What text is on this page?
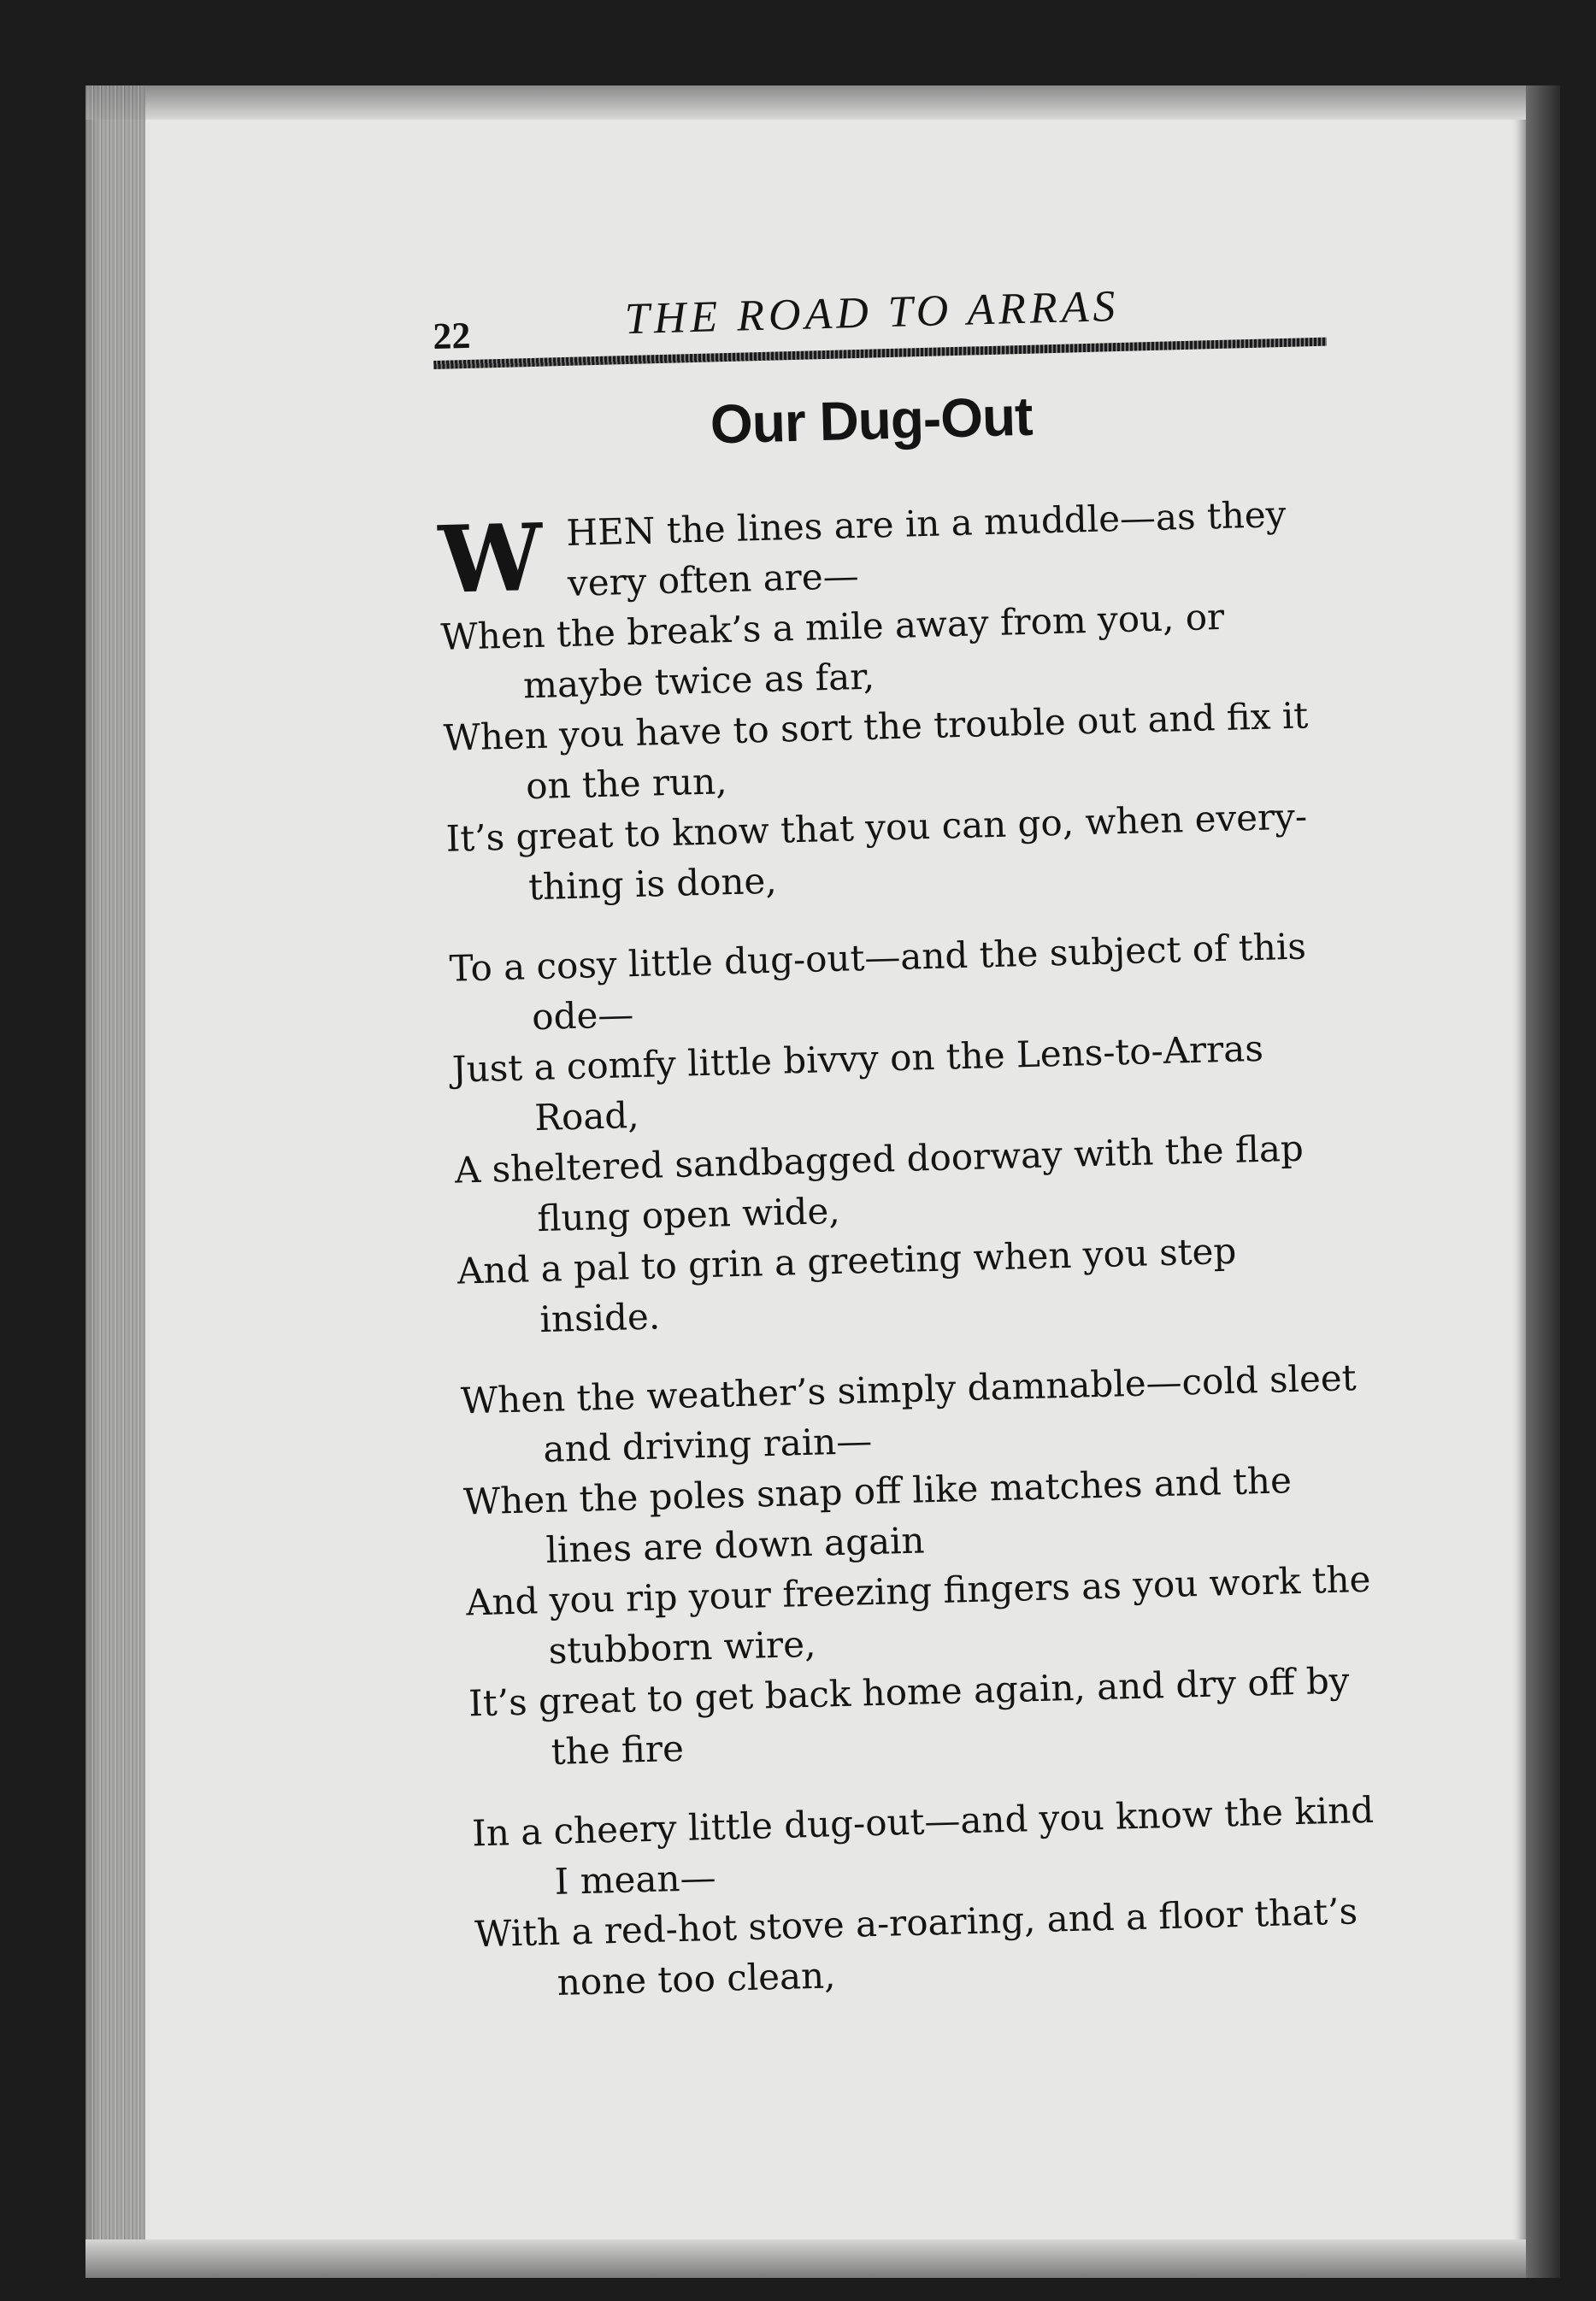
22	THE ROAD TO ARRAS
Our Dug-Out
W HEN the lines are in a muddle—as they very often are—
When the break’s a mile away from you, or maybe twice as far,
When you have to sort the trouble out and fix it on the run,
It’s great to know that you can go, when every-thing is done,
To a cosy little dug-out—and the subject of this ode—
Just a comfy little bivvy on the Lens-to-Arras Road,
A sheltered sandbagged doorway with the flap flung open wide,
And a pal to grin a greeting when you step inside.
When the weather’s simply damnable—cold sleet and driving rain—
When the poles snap off like matches and the lines are down again
And you rip your freezing fingers as you work the stubborn wire,
It’s great to get back home again, and dry off by the fire
In a cheery little dug-out—and you know the kind I mean—
With a red-hot stove a-roaring, and a floor that’s none too clean,
